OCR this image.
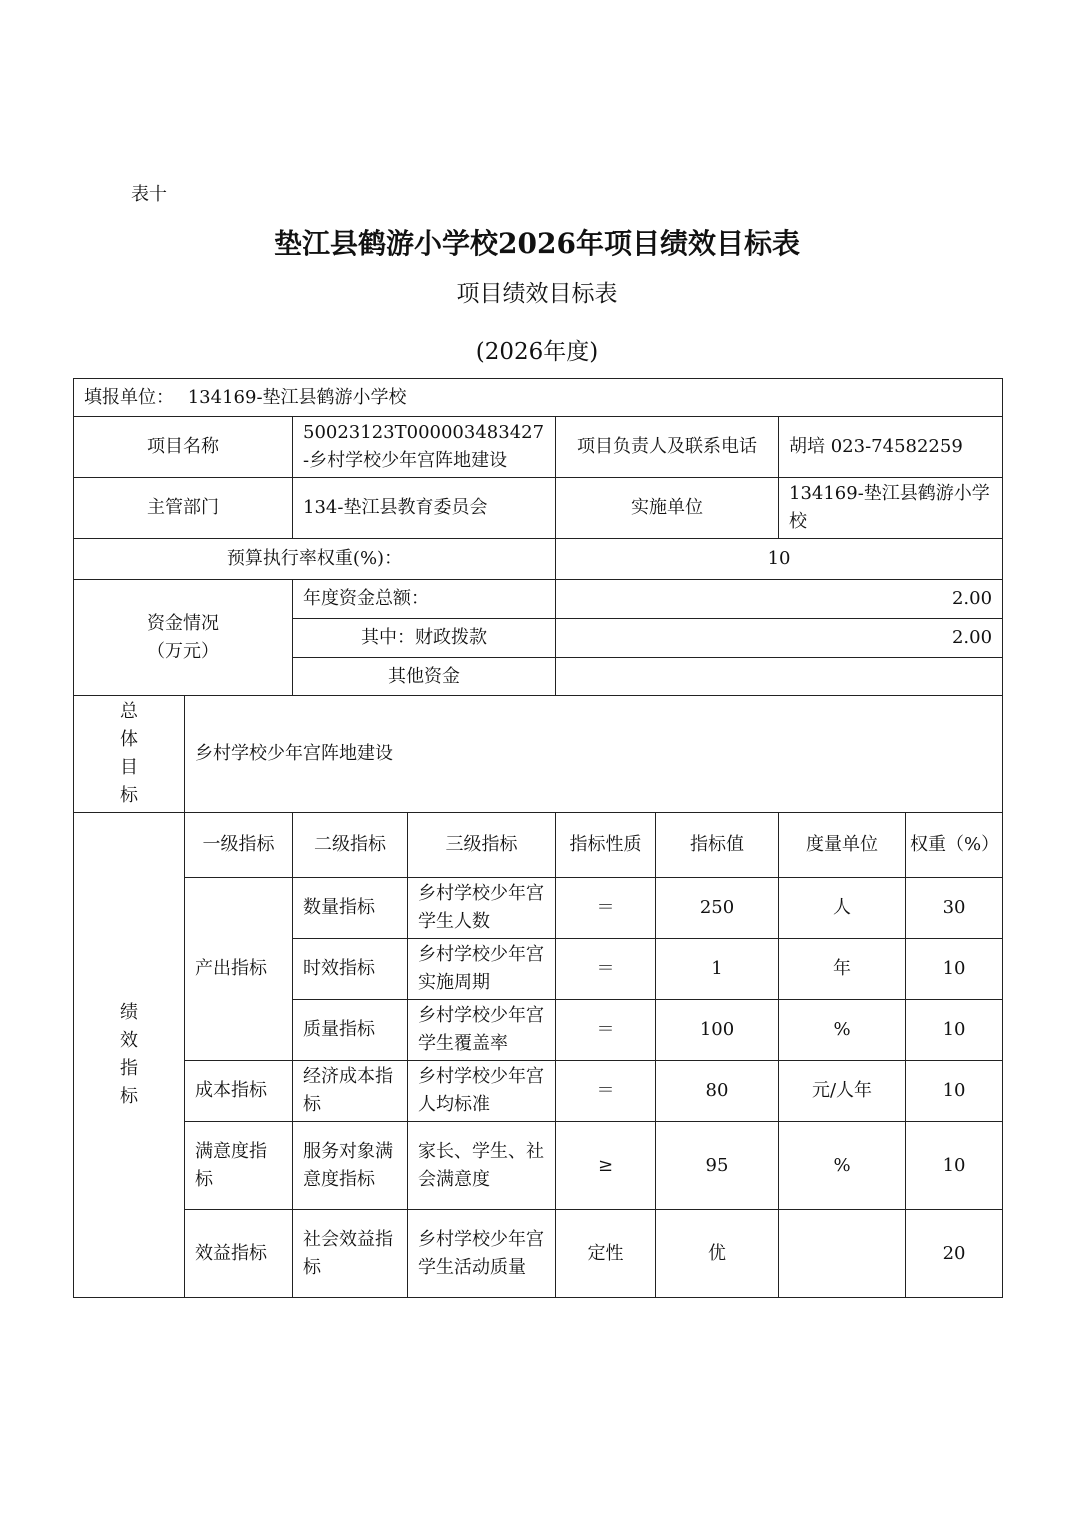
表十
垫江县鹤游小学校2026年项目绩效目标表
项目绩效目标表
(2026年度)
填报单位： 134169-垫江县鹤游小学校							
项目名称		50023123T000003483427-乡村学校少年宫阵地建设		项目负责人及联系电话		胡培 023-74582259	
主管部门		134-垫江县教育委员会		实施单位		134169-垫江县鹤游小学校	
预算执行率权重(%)：				10			

资金情况
（万元）		年度资金总额：		2.00			
		其中：财政拨款		2.00			
		其他资金					

总
体
目
标	乡村学校少年宫阵地建设						

绩
效
指
标	一级指标	二级指标	三级指标	指标性质	指标值	度量单位	权重（%）
	产出指标	数量指标	乡村学校少年宫学生人数	＝	250	人	30
		时效指标	乡村学校少年宫实施周期	＝	1	年	10
		质量指标	乡村学校少年宫学生覆盖率	＝	100	%	10
	成本指标	经济成本指标	乡村学校少年宫人均标准	＝	80	元/人年	10
	满意度指标	服务对象满意度指标	家长、学生、社会满意度	≥	95	%	10
	效益指标	社会效益指标	乡村学校少年宫学生活动质量	定性	优		20
